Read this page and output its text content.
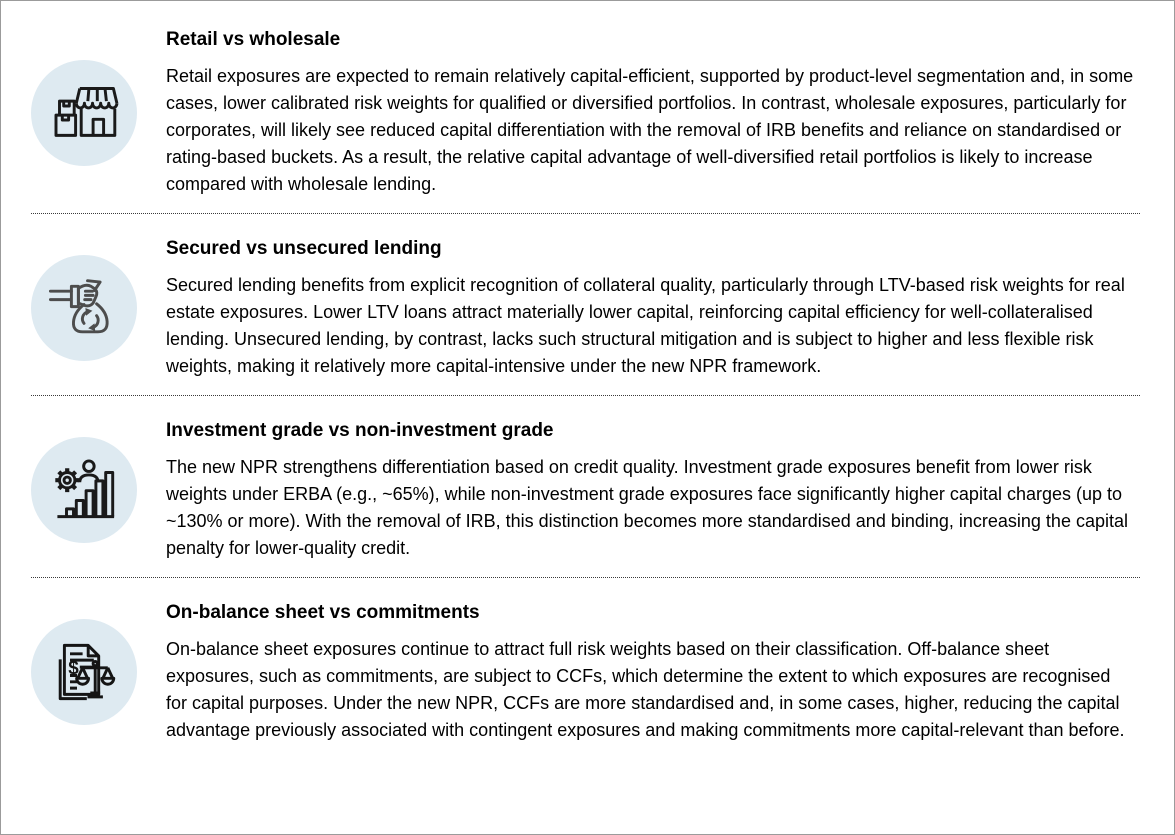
Retail vs wholesale

Retail exposures are expected to remain relatively capital-efficient, supported by product-level segmentation and, in some cases, lower calibrated risk weights for qualified or diversified portfolios. In contrast, wholesale exposures, particularly for corporates, will likely see reduced capital differentiation with the removal of IRB benefits and reliance on standardised or rating-based buckets. As a result, the relative capital advantage of well-diversified retail portfolios is likely to increase compared with wholesale lending.

Secured vs unsecured lending

Secured lending benefits from explicit recognition of collateral quality, particularly through LTV-based risk weights for real estate exposures. Lower LTV loans attract materially lower capital, reinforcing capital efficiency for well-collateralised lending. Unsecured lending, by contrast, lacks such structural mitigation and is subject to higher and less flexible risk weights, making it relatively more capital-intensive under the new NPR framework.

Investment grade vs non-investment grade

The new NPR strengthens differentiation based on credit quality. Investment grade exposures benefit from lower risk weights under ERBA (e.g., ~65%), while non-investment grade exposures face significantly higher capital charges (up to ~130% or more). With the removal of IRB, this distinction becomes more standardised and binding, increasing the capital penalty for lower-quality credit.

$
On-balance sheet vs commitments

On-balance sheet exposures continue to attract full risk weights based on their classification. Off-balance sheet exposures, such as commitments, are subject to CCFs, which determine the extent to which exposures are recognised for capital purposes. Under the new NPR, CCFs are more standardised and, in some cases, higher, reducing the capital advantage previously associated with contingent exposures and making commitments more capital-relevant than before.
